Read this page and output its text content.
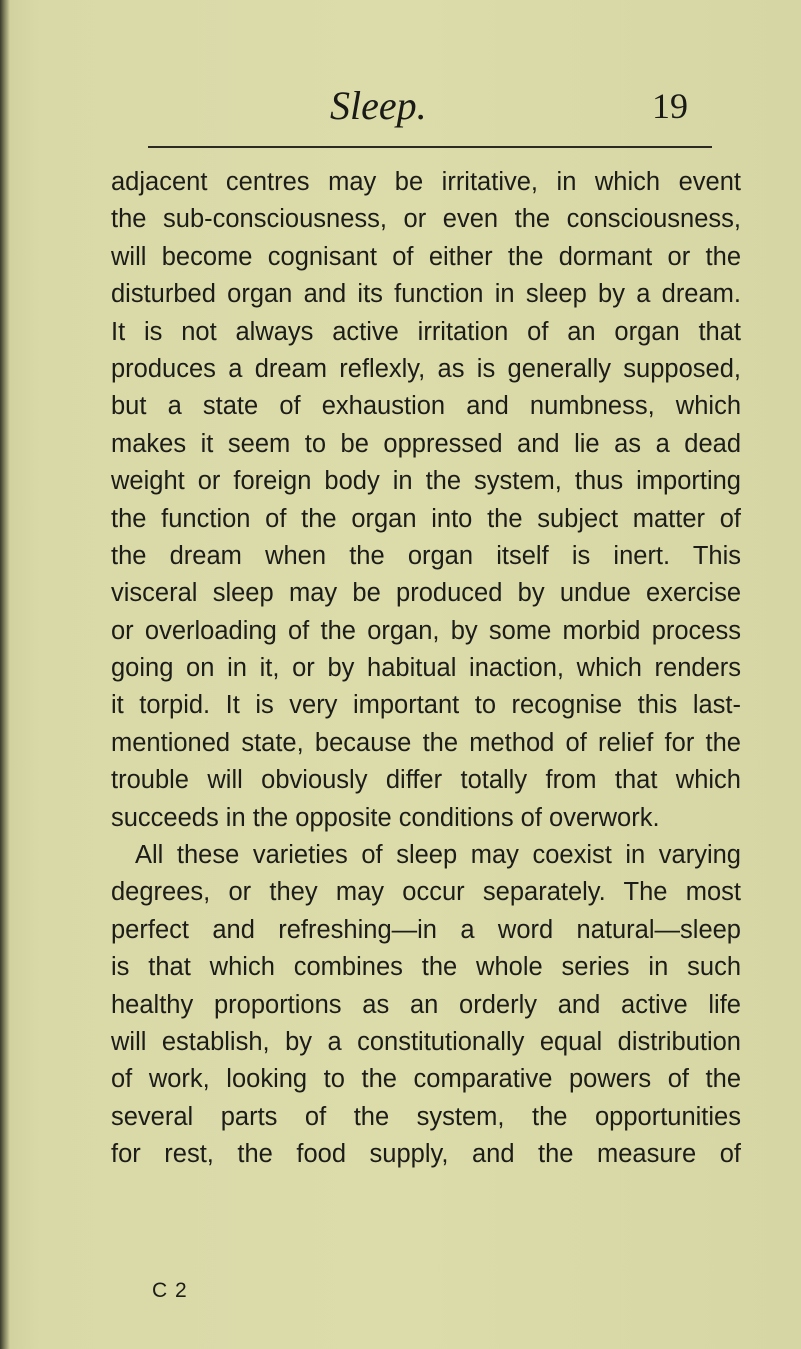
Sleep.	19
adjacent centres may be irritative, in which event
the sub-consciousness, or even the consciousness,
will become cognisant of either the dormant or the
disturbed organ and its function in sleep by a dream.
It is not always active irritation of an organ that
produces a dream reflexly, as is generally supposed,
but a state of exhaustion and numbness, which
makes it seem to be oppressed and lie as a dead
weight or foreign body in the system, thus importing
the function of the organ into the subject matter of
the dream when the organ itself is inert. This
visceral sleep may be produced by undue exercise
or overloading of the organ, by some morbid process
going on in it, or by habitual inaction, which renders
it torpid. It is very important to recognise this last-
mentioned state, because the method of relief for the
trouble will obviously differ totally from that which
succeeds in the opposite conditions of overwork.
All these varieties of sleep may coexist in varying
degrees, or they may occur separately. The most
perfect and refreshing—in a word natural—sleep
is that which combines the whole series in such
healthy proportions as an orderly and active life
will establish, by a constitutionally equal distribution
of work, looking to the comparative powers of the
several parts of the system, the opportunities
for rest, the food supply, and the measure of
C 2
